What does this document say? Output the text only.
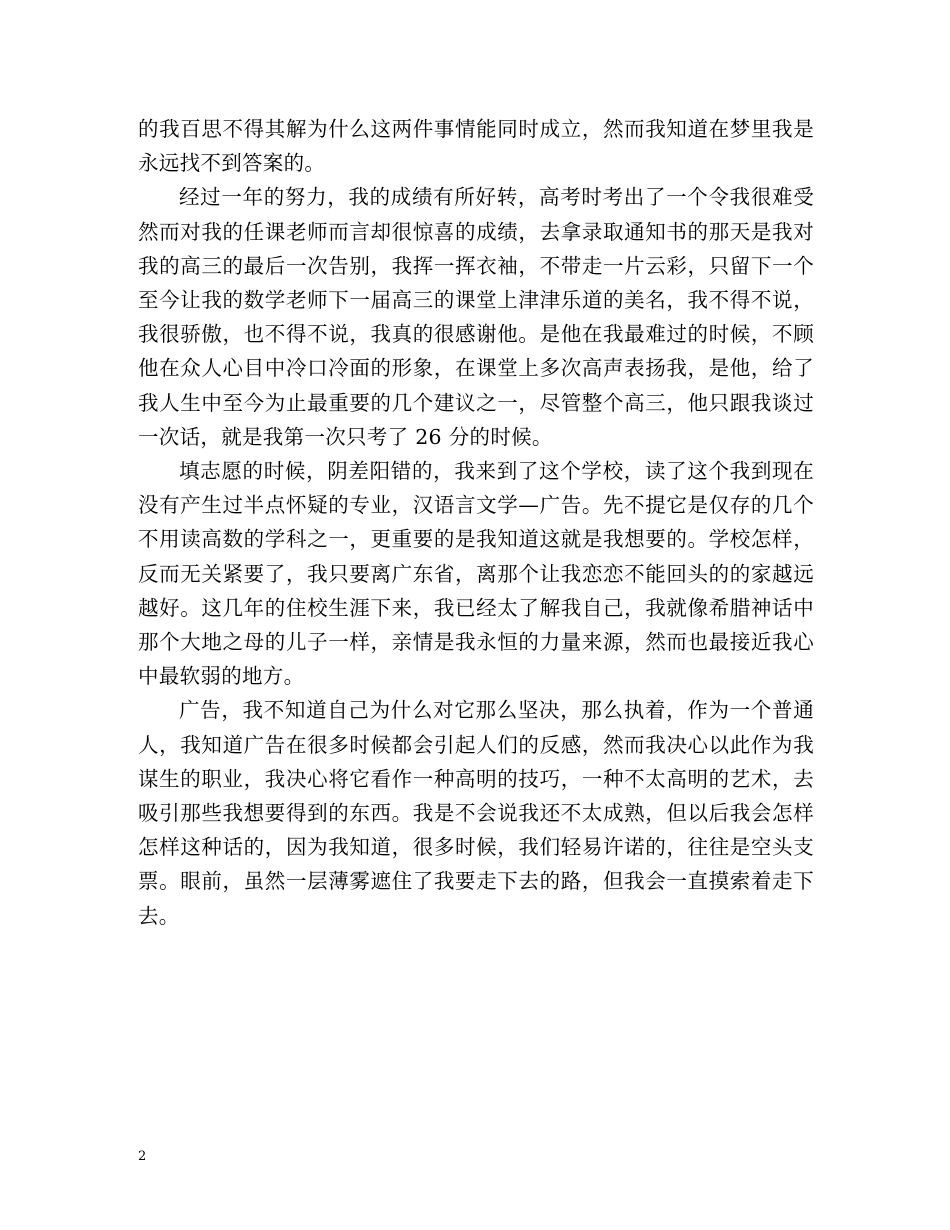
的我百思不得其解为什么这两件事情能同时成立，然而我知道在梦里我是永远找不到答案的。

经过一年的努力，我的成绩有所好转，高考时考出了一个令我很难受然而对我的任课老师而言却很惊喜的成绩，去拿录取通知书的那天是我对我的高三的最后一次告别，我挥一挥衣袖，不带走一片云彩，只留下一个至今让我的数学老师下一届高三的课堂上津津乐道的美名，我不得不说，我很骄傲，也不得不说，我真的很感谢他。是他在我最难过的时候，不顾他在众人心目中冷口冷面的形象，在课堂上多次高声表扬我，是他，给了我人生中至今为止最重要的几个建议之一，尽管整个高三，他只跟我谈过一次话，就是我第一次只考了 26 分的时候。

填志愿的时候，阴差阳错的，我来到了这个学校，读了这个我到现在没有产生过半点怀疑的专业，汉语言文学—广告。先不提它是仅存的几个不用读高数的学科之一，更重要的是我知道这就是我想要的。学校怎样，反而无关紧要了，我只要离广东省，离那个让我恋恋不能回头的的家越远越好。这几年的住校生涯下来，我已经太了解我自己，我就像希腊神话中那个大地之母的儿子一样，亲情是我永恒的力量来源，然而也最接近我心中最软弱的地方。

广告，我不知道自己为什么对它那么坚决，那么执着，作为一个普通人，我知道广告在很多时候都会引起人们的反感，然而我决心以此作为我谋生的职业，我决心将它看作一种高明的技巧，一种不太高明的艺术，去吸引那些我想要得到的东西。我是不会说我还不太成熟，但以后我会怎样怎样这种话的，因为我知道，很多时候，我们轻易许诺的，往往是空头支票。眼前，虽然一层薄雾遮住了我要走下去的路，但我会一直摸索着走下去。

2
